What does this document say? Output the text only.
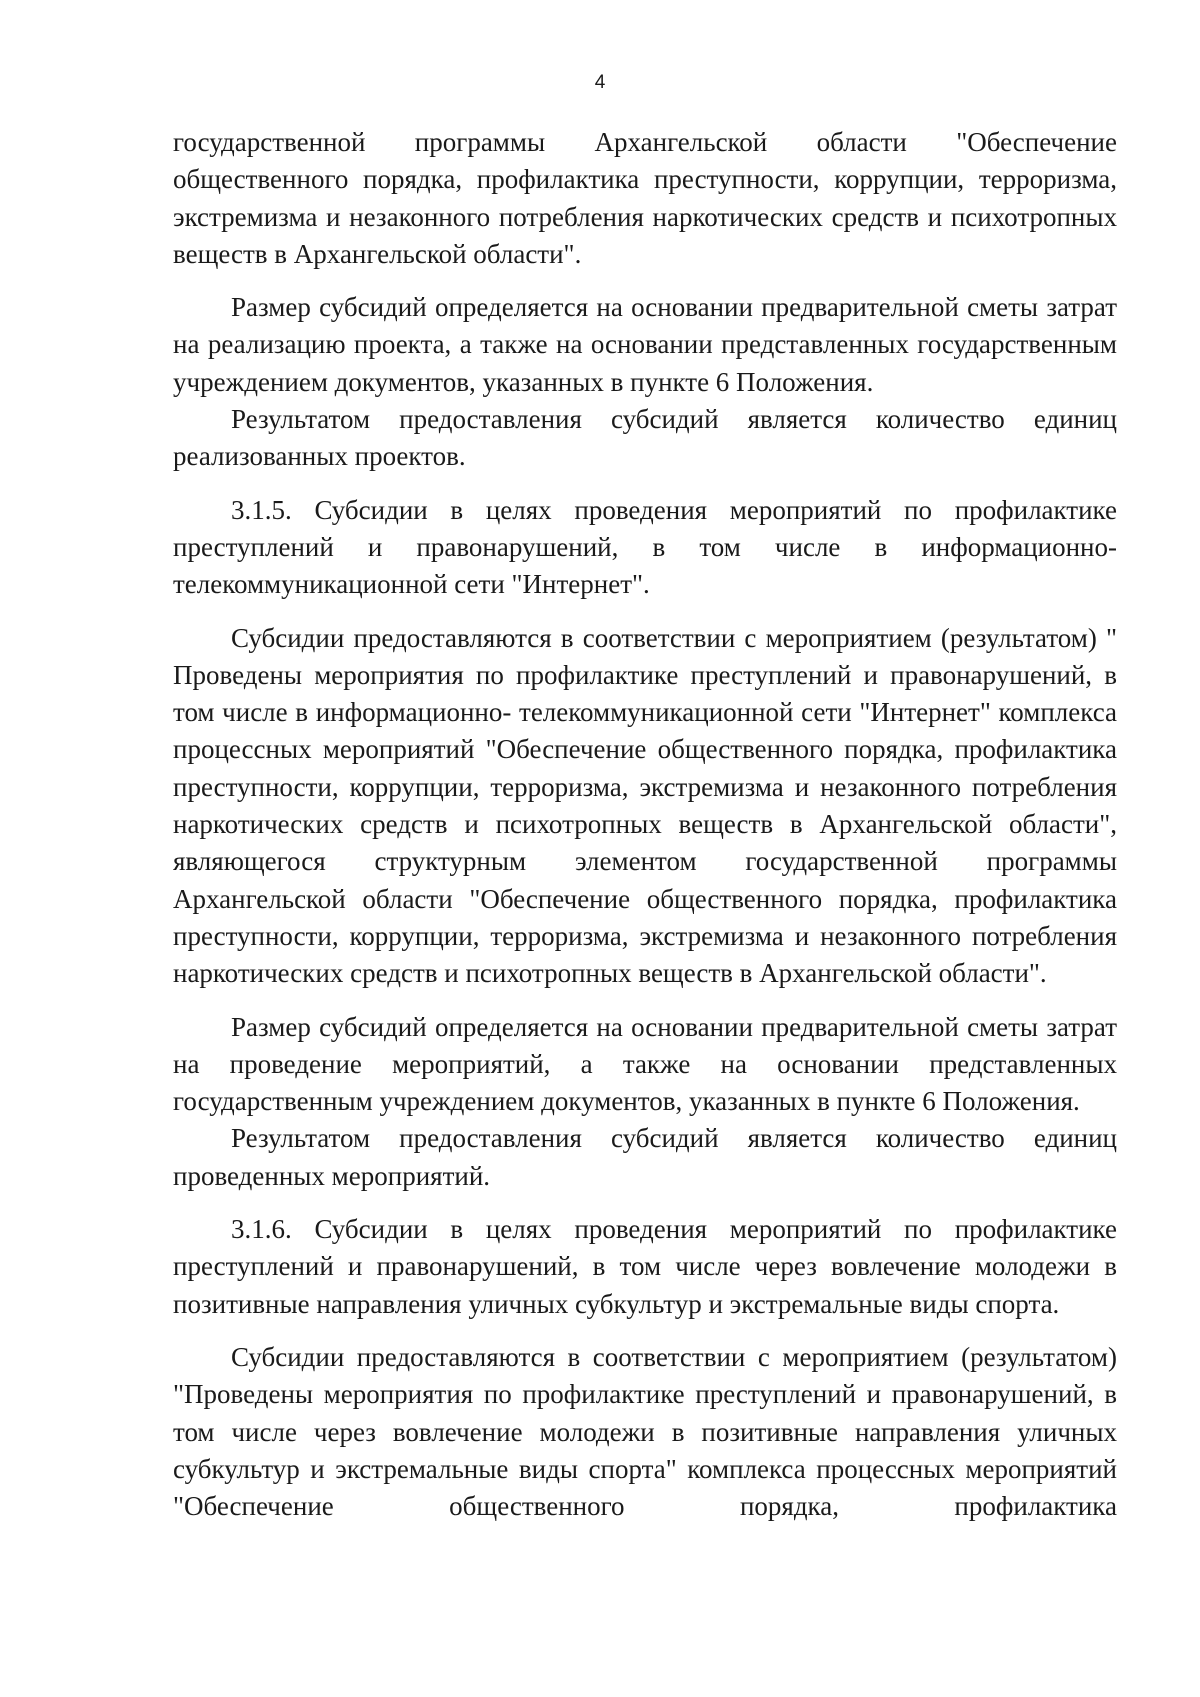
4

государственной программы Архангельской области "Обеспечение общественного порядка, профилактика преступности, коррупции, терроризма, экстремизма и незаконного потребления наркотических средств и психотропных веществ в Архангельской области".

Размер субсидий определяется на основании предварительной сметы затрат на реализацию проекта, а также на основании представленных государственным учреждением документов, указанных в пункте 6 Положения.

Результатом предоставления субсидий является количество единиц реализованных проектов.

3.1.5. Субсидии в целях проведения мероприятий по профилактике преступлений и правонарушений, в том числе в информационно-телекоммуникационной сети "Интернет".

Субсидии предоставляются в соответствии с мероприятием (результатом) " Проведены мероприятия по профилактике преступлений и правонарушений, в том числе в информационно- телекоммуникационной сети "Интернет" комплекса процессных мероприятий "Обеспечение общественного порядка, профилактика преступности, коррупции, терроризма, экстремизма и незаконного потребления наркотических средств и психотропных веществ в Архангельской области", являющегося структурным элементом государственной программы Архангельской области "Обеспечение общественного порядка, профилактика преступности, коррупции, терроризма, экстремизма и незаконного потребления наркотических средств и психотропных веществ в Архангельской области".

Размер субсидий определяется на основании предварительной сметы затрат на проведение мероприятий, а также на основании представленных государственным учреждением документов, указанных в пункте 6 Положения.

Результатом предоставления субсидий является количество единиц проведенных мероприятий.

3.1.6. Субсидии в целях проведения мероприятий по профилактике преступлений и правонарушений, в том числе через вовлечение молодежи в позитивные направления уличных субкультур и экстремальные виды спорта.

Субсидии предоставляются в соответствии с мероприятием (результатом) "Проведены мероприятия по профилактике преступлений и правонарушений, в том числе через вовлечение молодежи в позитивные направления уличных субкультур и экстремальные виды спорта" комплекса процессных мероприятий "Обеспечение общественного порядка, профилактика
